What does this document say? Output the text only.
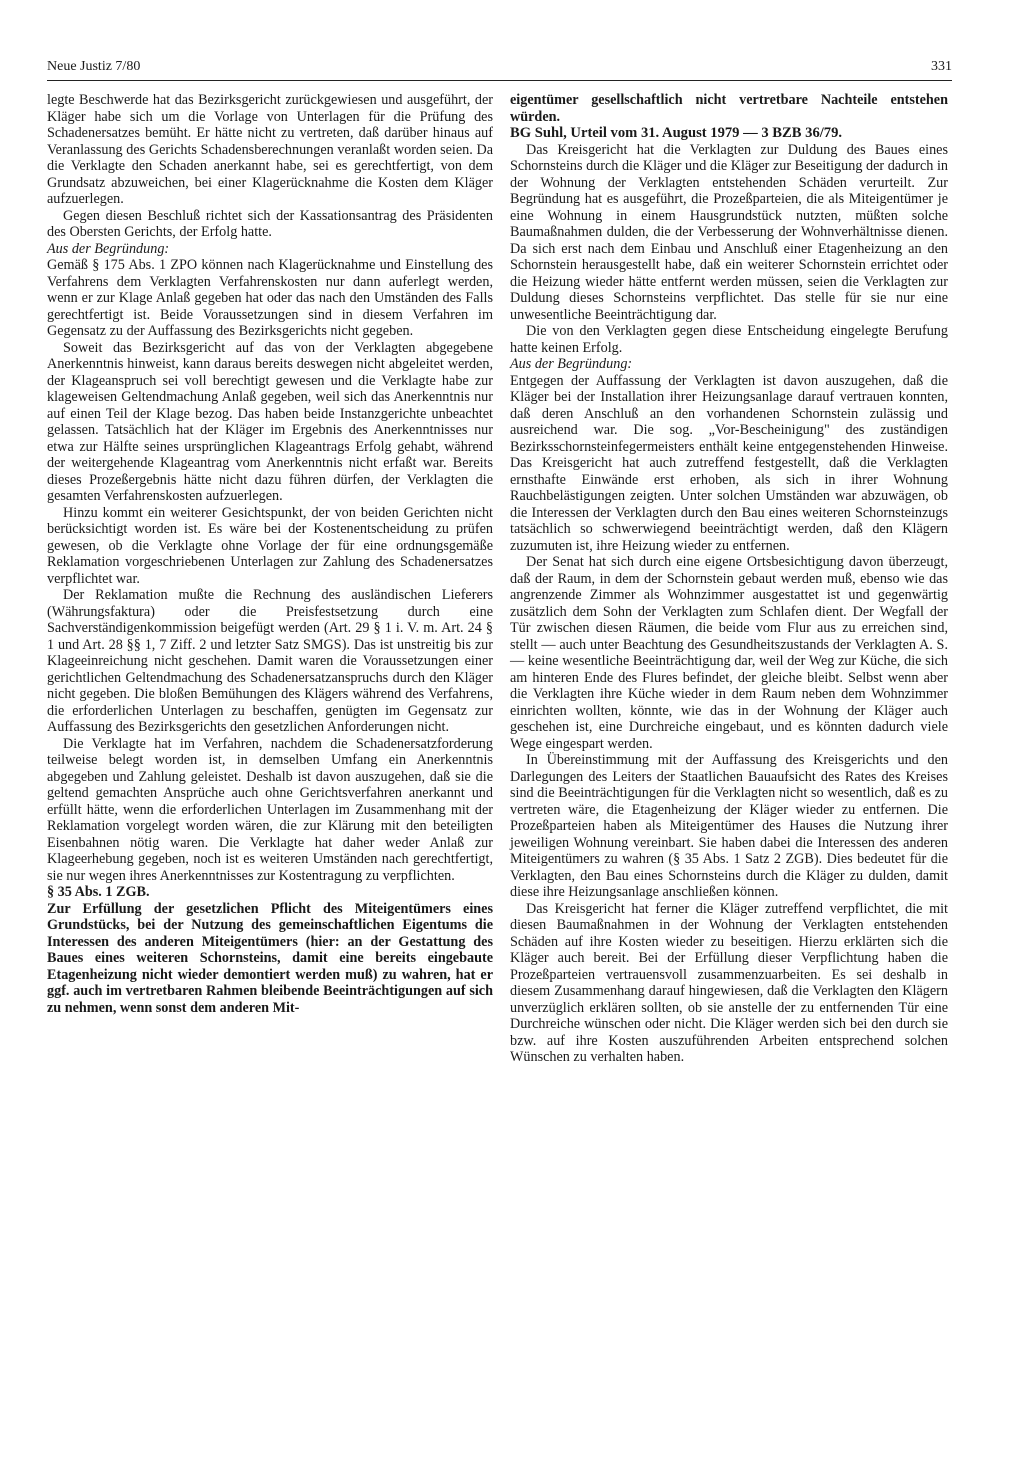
Neue Justiz 7/80	331

legte Beschwerde hat das Bezirksgericht zurückgewiesen und ausgeführt, der Kläger habe sich um die Vorlage von Unterlagen für die Prüfung des Schadenersatzes bemüht. Er hätte nicht zu vertreten, daß darüber hinaus auf Veranlassung des Gerichts Schadensberechnungen veranlaßt worden seien. Da die Verklagte den Schaden anerkannt habe, sei es gerechtfertigt, von dem Grundsatz abzuweichen, bei einer Klagerücknahme die Kosten dem Kläger aufzuerlegen.

Gegen diesen Beschluß richtet sich der Kassationsantrag des Präsidenten des Obersten Gerichts, der Erfolg hatte.

Aus der Begründung:

Gemäß § 175 Abs. 1 ZPO können nach Klagerücknahme und Einstellung des Verfahrens dem Verklagten Verfahrenskosten nur dann auferlegt werden, wenn er zur Klage Anlaß gegeben hat oder das nach den Umständen des Falls gerechtfertigt ist. Beide Voraussetzungen sind in diesem Verfahren im Gegensatz zu der Auffassung des Bezirksgerichts nicht gegeben.

Soweit das Bezirksgericht auf das von der Verklagten abgegebene Anerkenntnis hinweist, kann daraus bereits deswegen nicht abgeleitet werden, der Klageanspruch sei voll berechtigt gewesen und die Verklagte habe zur klageweisen Geltendmachung Anlaß gegeben, weil sich das Anerkenntnis nur auf einen Teil der Klage bezog. Das haben beide Instanzgerichte unbeachtet gelassen. Tatsächlich hat der Kläger im Ergebnis des Anerkenntnisses nur etwa zur Hälfte seines ursprünglichen Klageantrags Erfolg gehabt, während der weitergehende Klageantrag vom Anerkenntnis nicht erfaßt war. Bereits dieses Prozeßergebnis hätte nicht dazu führen dürfen, der Verklagten die gesamten Verfahrenskosten aufzuerlegen.

Hinzu kommt ein weiterer Gesichtspunkt, der von beiden Gerichten nicht berücksichtigt worden ist. Es wäre bei der Kostenentscheidung zu prüfen gewesen, ob die Verklagte ohne Vorlage der für eine ordnungsgemäße Reklamation vorgeschriebenen Unterlagen zur Zahlung des Schadenersatzes verpflichtet war.

Der Reklamation mußte die Rechnung des ausländischen Lieferers (Währungsfaktura) oder die Preisfestsetzung durch eine Sachverständigenkommission beigefügt werden (Art. 29 § 1 i. V. m. Art. 24 § 1 und Art. 28 §§ 1, 7 Ziff. 2 und letzter Satz SMGS). Das ist unstreitig bis zur Klageeinreichung nicht geschehen. Damit waren die Voraussetzungen einer gerichtlichen Geltendmachung des Schadenersatzanspruchs durch den Kläger nicht gegeben. Die bloßen Bemühungen des Klägers während des Verfahrens, die erforderlichen Unterlagen zu beschaffen, genügten im Gegensatz zur Auffassung des Bezirksgerichts den gesetzlichen Anforderungen nicht.

Die Verklagte hat im Verfahren, nachdem die Schadenersatzforderung teilweise belegt worden ist, in demselben Umfang ein Anerkenntnis abgegeben und Zahlung geleistet. Deshalb ist davon auszugehen, daß sie die geltend gemachten Ansprüche auch ohne Gerichtsverfahren anerkannt und erfüllt hätte, wenn die erforderlichen Unterlagen im Zusammenhang mit der Reklamation vorgelegt worden wären, die zur Klärung mit den beteiligten Eisenbahnen nötig waren. Die Verklagte hat daher weder Anlaß zur Klageerhebung gegeben, noch ist es weiteren Umständen nach gerechtfertigt, sie nur wegen ihres Anerkenntnisses zur Kostentragung zu verpflichten.

§ 35 Abs. 1 ZGB.

Zur Erfüllung der gesetzlichen Pflicht des Miteigentümers eines Grundstücks, bei der Nutzung des gemeinschaftlichen Eigentums die Interessen des anderen Miteigentümers (hier: an der Gestattung des Baues eines weiteren Schornsteins, damit eine bereits eingebaute Etagenheizung nicht wieder demontiert werden muß) zu wahren, hat er ggf. auch im vertretbaren Rahmen bleibende Beeinträchtigungen auf sich zu nehmen, wenn sonst dem anderen Mit-

eigentümer gesellschaftlich nicht vertretbare Nachteile entstehen würden.

BG Suhl, Urteil vom 31. August 1979 — 3 BZB 36/79.

Das Kreisgericht hat die Verklagten zur Duldung des Baues eines Schornsteins durch die Kläger und die Kläger zur Beseitigung der dadurch in der Wohnung der Verklagten entstehenden Schäden verurteilt. Zur Begründung hat es ausgeführt, die Prozeßparteien, die als Miteigentümer je eine Wohnung in einem Hausgrundstück nutzten, müßten solche Baumaßnahmen dulden, die der Verbesserung der Wohnverhältnisse dienen. Da sich erst nach dem Einbau und Anschluß einer Etagenheizung an den Schornstein herausgestellt habe, daß ein weiterer Schornstein errichtet oder die Heizung wieder hätte entfernt werden müssen, seien die Verklagten zur Duldung dieses Schornsteins verpflichtet. Das stelle für sie nur eine unwesentliche Beeinträchtigung dar.

Die von den Verklagten gegen diese Entscheidung eingelegte Berufung hatte keinen Erfolg.

Aus der Begründung:

Entgegen der Auffassung der Verklagten ist davon auszugehen, daß die Kläger bei der Installation ihrer Heizungsanlage darauf vertrauen konnten, daß deren Anschluß an den vorhandenen Schornstein zulässig und ausreichend war. Die sog. „Vor-Bescheinigung" des zuständigen Bezirksschornsteinfegermeisters enthält keine entgegenstehenden Hinweise. Das Kreisgericht hat auch zutreffend festgestellt, daß die Verklagten ernsthafte Einwände erst erhoben, als sich in ihrer Wohnung Rauchbelästigungen zeigten. Unter solchen Umständen war abzuwägen, ob die Interessen der Verklagten durch den Bau eines weiteren Schornsteinzugs tatsächlich so schwerwiegend beeinträchtigt werden, daß den Klägern zuzumuten ist, ihre Heizung wieder zu entfernen.

Der Senat hat sich durch eine eigene Ortsbesichtigung davon überzeugt, daß der Raum, in dem der Schornstein gebaut werden muß, ebenso wie das angrenzende Zimmer als Wohnzimmer ausgestattet ist und gegenwärtig zusätzlich dem Sohn der Verklagten zum Schlafen dient. Der Wegfall der Tür zwischen diesen Räumen, die beide vom Flur aus zu erreichen sind, stellt — auch unter Beachtung des Gesundheitszustands der Verklagten A. S. — keine wesentliche Beeinträchtigung dar, weil der Weg zur Küche, die sich am hinteren Ende des Flures befindet, der gleiche bleibt. Selbst wenn aber die Verklagten ihre Küche wieder in dem Raum neben dem Wohnzimmer einrichten wollten, könnte, wie das in der Wohnung der Kläger auch geschehen ist, eine Durchreiche eingebaut, und es könnten dadurch viele Wege eingespart werden.

In Übereinstimmung mit der Auffassung des Kreisgerichts und den Darlegungen des Leiters der Staatlichen Bauaufsicht des Rates des Kreises sind die Beeinträchtigungen für die Verklagten nicht so wesentlich, daß es zu vertreten wäre, die Etagenheizung der Kläger wieder zu entfernen. Die Prozeßparteien haben als Miteigentümer des Hauses die Nutzung ihrer jeweiligen Wohnung vereinbart. Sie haben dabei die Interessen des anderen Miteigentümers zu wahren (§ 35 Abs. 1 Satz 2 ZGB). Dies bedeutet für die Verklagten, den Bau eines Schornsteins durch die Kläger zu dulden, damit diese ihre Heizungsanlage anschließen können.

Das Kreisgericht hat ferner die Kläger zutreffend verpflichtet, die mit diesen Baumaßnahmen in der Wohnung der Verklagten entstehenden Schäden auf ihre Kosten wieder zu beseitigen. Hierzu erklärten sich die Kläger auch bereit. Bei der Erfüllung dieser Verpflichtung haben die Prozeßparteien vertrauensvoll zusammenzuarbeiten. Es sei deshalb in diesem Zusammenhang darauf hingewiesen, daß die Verklagten den Klägern unverzüglich erklären sollten, ob sie anstelle der zu entfernenden Tür eine Durchreiche wünschen oder nicht. Die Kläger werden sich bei den durch sie bzw. auf ihre Kosten auszuführenden Arbeiten entsprechend solchen Wünschen zu verhalten haben.
